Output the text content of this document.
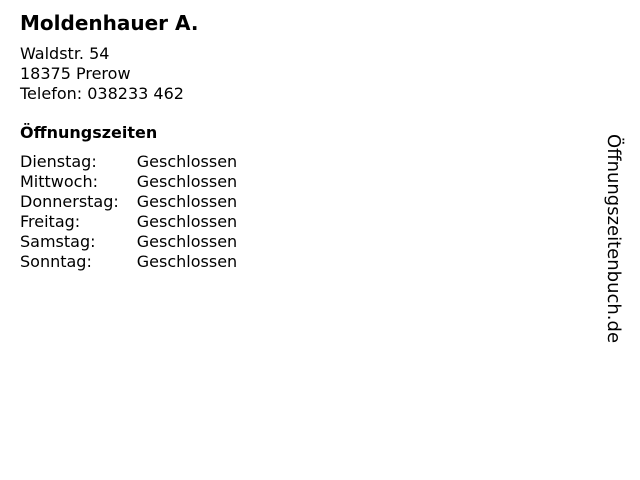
Moldenhauer A.
Waldstr. 54
18375 Prerow
Telefon: 038233 462
Öffnungszeiten
Dienstag:	Geschlossen
Mittwoch:	Geschlossen
Donnerstag:	Geschlossen
Freitag:	Geschlossen
Samstag:	Geschlossen
Sonntag:	Geschlossen	Öffnungszeitenbuch.de
